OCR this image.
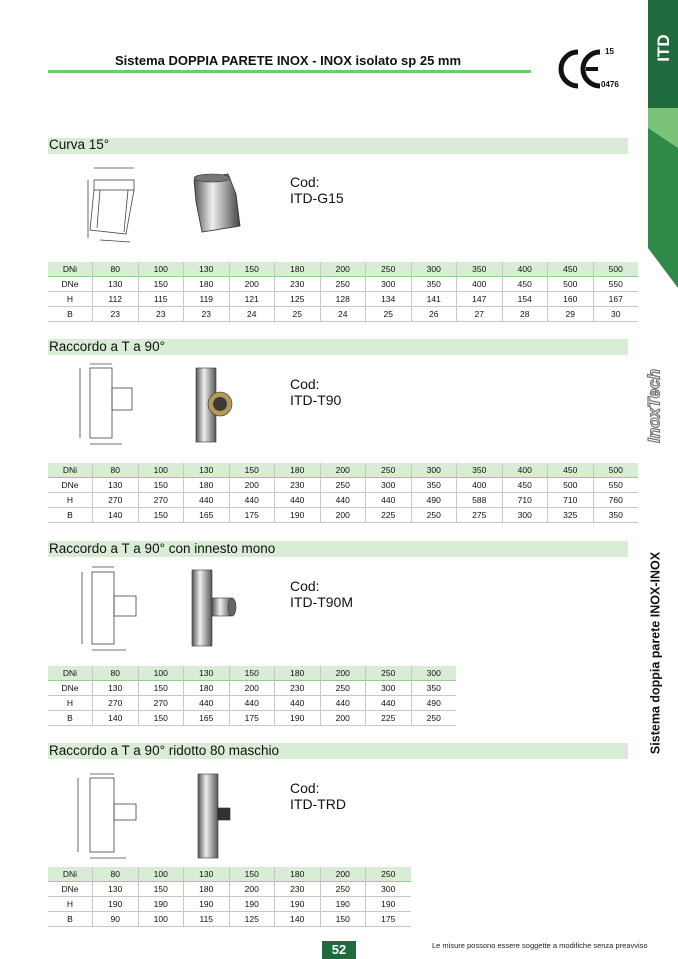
Sistema DOPPIA PARETE INOX - INOX isolato sp 25 mm
15
0476
ITD
InoxTech
Sistema doppia parete INOX-INOX
Curva 15°
Cod:
ITD-G15
DNi	80	100	130	150	180	200	250	300	350	400	450	500
DNe	130	150	180	200	230	250	300	350	400	450	500	550
H	112	115	119	121	125	128	134	141	147	154	160	167
B	23	23	23	24	25	24	25	26	27	28	29	30
Raccordo a T a 90°
Cod:
ITD-T90
DNi	80	100	130	150	180	200	250	300	350	400	450	500
DNe	130	150	180	200	230	250	300	350	400	450	500	550
H	270	270	440	440	440	440	440	490	588	710	710	760
B	140	150	165	175	190	200	225	250	275	300	325	350
Raccordo a T a 90° con innesto mono
Cod:
ITD-T90M
DNi	80	100	130	150	180	200	250	300
DNe	130	150	180	200	230	250	300	350
H	270	270	440	440	440	440	440	490
B	140	150	165	175	190	200	225	250
Raccordo a T a 90° ridotto 80 maschio
Cod:
ITD-TRD
DNi	80	100	130	150	180	200	250
DNe	130	150	180	200	230	250	300
H	190	190	190	190	190	190	190
B	90	100	115	125	140	150	175
52	Le misure possono essere soggette a modifiche senza preavviso
